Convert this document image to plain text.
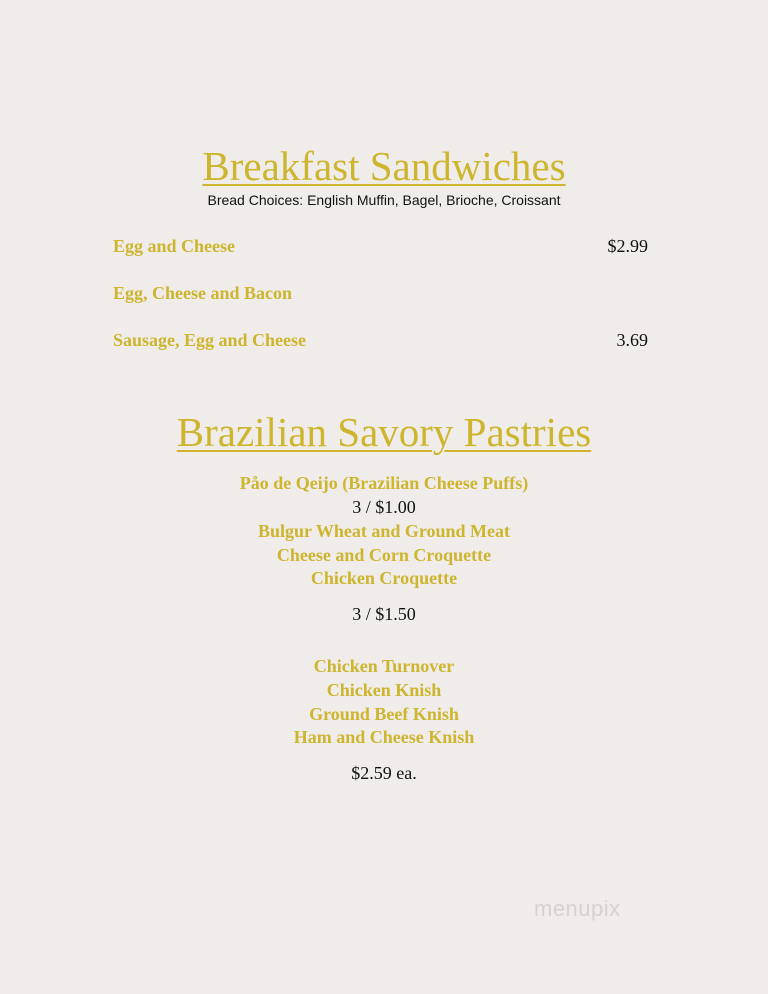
Breakfast Sandwiches
Bread Choices: English Muffin, Bagel, Brioche, Croissant
Egg and Cheese	$2.99
Egg, Cheese and Bacon
Sausage, Egg and Cheese	3.69
Brazilian Savory Pastries
Påo de Qeijo (Brazilian Cheese Puffs)
3 / $1.00
Bulgur Wheat and Ground Meat
Cheese and Corn Croquette
Chicken Croquette
3 / $1.50
Chicken Turnover
Chicken Knish
Ground Beef Knish
Ham and Cheese Knish
$2.59 ea.
menupix
